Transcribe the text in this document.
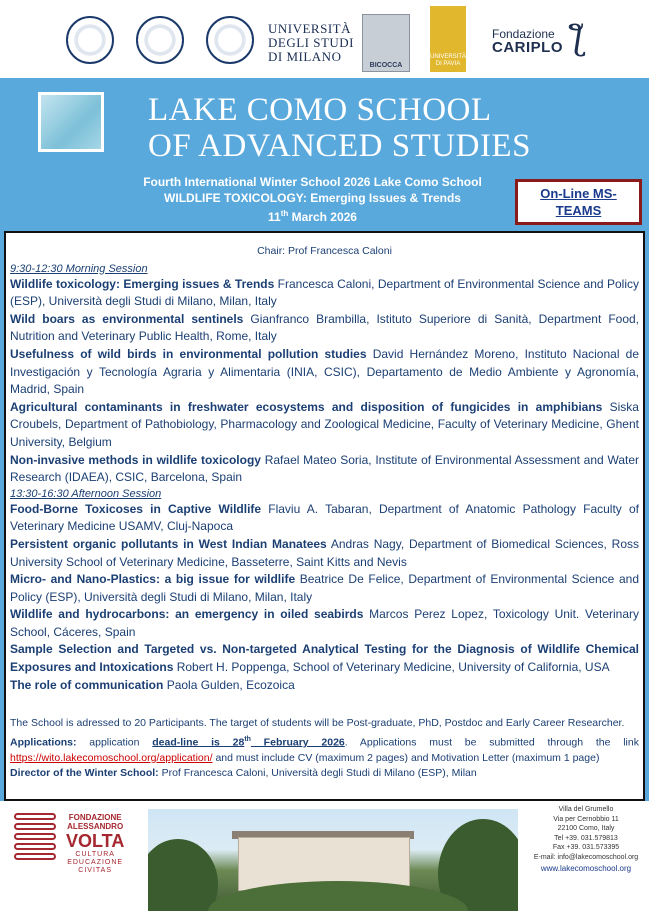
UNIVERSITÀ
DEGLI STUDI
DI MILANO
BICOCCA
UNIVERSITÀ DI PAVIA
Fondazione
CARIPLO ƪ
LAKE COMO SCHOOL
OF ADVANCED STUDIES
Fourth International Winter School 2026 Lake Como School
WILDLIFE TOXICOLOGY: Emerging Issues & Trends
11th March 2026
On-Line MS-TEAMS
Chair: Prof Francesca Caloni
9:30-12:30 Morning Session
Wildlife toxicology: Emerging issues & Trends Francesca Caloni, Department of Environmental Science and Policy (ESP), Università degli Studi di Milano, Milan, Italy
Wild boars as environmental sentinels Gianfranco Brambilla, Istituto Superiore di Sanità, Department Food, Nutrition and Veterinary Public Health, Rome, Italy
Usefulness of wild birds in environmental pollution studies David Hernández Moreno, Instituto Nacional de Investigación y Tecnología Agraria y Alimentaria (INIA, CSIC), Departamento de Medio Ambiente y Agronomía, Madrid, Spain
Agricultural contaminants in freshwater ecosystems and disposition of fungicides in amphibians Siska Croubels, Department of Pathobiology, Pharmacology and Zoological Medicine, Faculty of Veterinary Medicine, Ghent University, Belgium
Non-invasive methods in wildlife toxicology Rafael Mateo Soria, Institute of Environmental Assessment and Water Research (IDAEA), CSIC, Barcelona, Spain
13:30-16:30 Afternoon Session
Food-Borne Toxicoses in Captive Wildlife Flaviu A. Tabaran, Department of Anatomic Pathology Faculty of Veterinary Medicine USAMV, Cluj-Napoca
Persistent organic pollutants in West Indian Manatees Andras Nagy, Department of Biomedical Sciences, Ross University School of Veterinary Medicine, Basseterre, Saint Kitts and Nevis
Micro- and Nano-Plastics: a big issue for wildlife Beatrice De Felice, Department of Environmental Science and Policy (ESP), Università degli Studi di Milano, Milan, Italy
Wildlife and hydrocarbons: an emergency in oiled seabirds Marcos Perez Lopez, Toxicology Unit. Veterinary School, Cáceres, Spain
Sample Selection and Targeted vs. Non-targeted Analytical Testing for the Diagnosis of Wildlife Chemical Exposures and Intoxications Robert H. Poppenga, School of Veterinary Medicine, University of California, USA
The role of communication Paola Gulden, Ecozoica
The School is adressed to 20 Participants. The target of students will be Post-graduate, PhD, Postdoc and Early Career Researcher.
Applications: application dead-line is 28th February 2026. Applications must be submitted through the link https://wito.lakecomoschool.org/application/ and must include CV (maximum 2 pages) and Motivation Letter (maximum 1 page)
Director of the Winter School: Prof Francesca Caloni, Università degli Studi di Milano (ESP), Milan
FONDAZIONE
ALESSANDRO
VOLTA
CULTURA
EDUCAZIONE
CIVITAS
Villa del Grumello
Via per Cernobbio 11
22100 Como, Italy
Tel +39. 031.579813
Fax +39. 031.573395
E-mail: info@lakecomoschool.org
www.lakecomoschool.org
